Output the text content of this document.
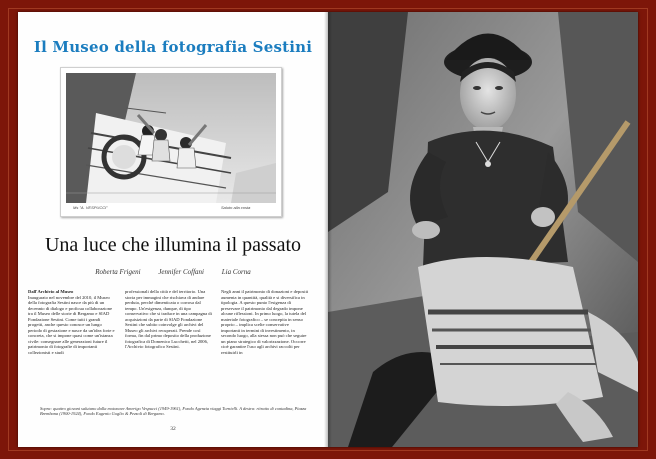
Il Museo della fotografia Sestini
Ms "A. VESPUCCI"	Saluto alla costa
Una luce che illumina il passato
Roberta Frigeni	Jennifer Coffani	Lia Corna

Dall'Archivio al Museo

Inaugurato nel novembre del 2010, il Museo della fotografia Sestini nasce da più di un decennio di dialogo e proficua collaborazione tra il Museo delle storie di Bergamo e SIAD Fondazione Sestini. Come tutti i grandi progetti, anche questo conosce un lungo periodo di gestazione e nasce da un'idea forte e concreta, che si impone quasi come un'istanza civile: consegnare alle generazioni future il patrimonio di fotografie di importanti collezionisti e studi

professionali della città e del territorio. Una storia per immagini che rischiava di andare perduta, perché dimenticata o corrosa dal tempo. Un'esigenza, dunque, di tipo conservativo che si traduce in una campagna di acquisizioni da parte di SIAD Fondazione Sestini che subito coinvolge gli archivi del Museo gli archivi recuperati. Prende così forma, fin dal primo deposito della produzione fotografica di Domenico Lucchetti, nel 2006, l'Archivio fotografico Sestini.

Negli anni il patrimonio di donazioni e depositi aumenta in quantità, qualità e si diversifica in tipologia. A questo punto l'esigenza di preservare il patrimonio dal degrado impone alcune riflessioni. In primo luogo, la tutela del materiale fotografico – se concepita in senso proprio – implica scelte conservative importanti in termini di investimento, in secondo luogo, alla stessa non può che seguire un piano strategico di valorizzazione. Occorre cioè garantire l'uso agli archivi raccolti per restituirli in

Sopra: quattro giovani salutano dalla motonave Amerigo Vespucci (1949-1961), Fondo Agenzia viaggi Tornielli. A destra: ritratto di contadina, Piazza Brembana (1900-1924), Fondo Eugenio Goglio & Pezzoli di Bergamo.
32
